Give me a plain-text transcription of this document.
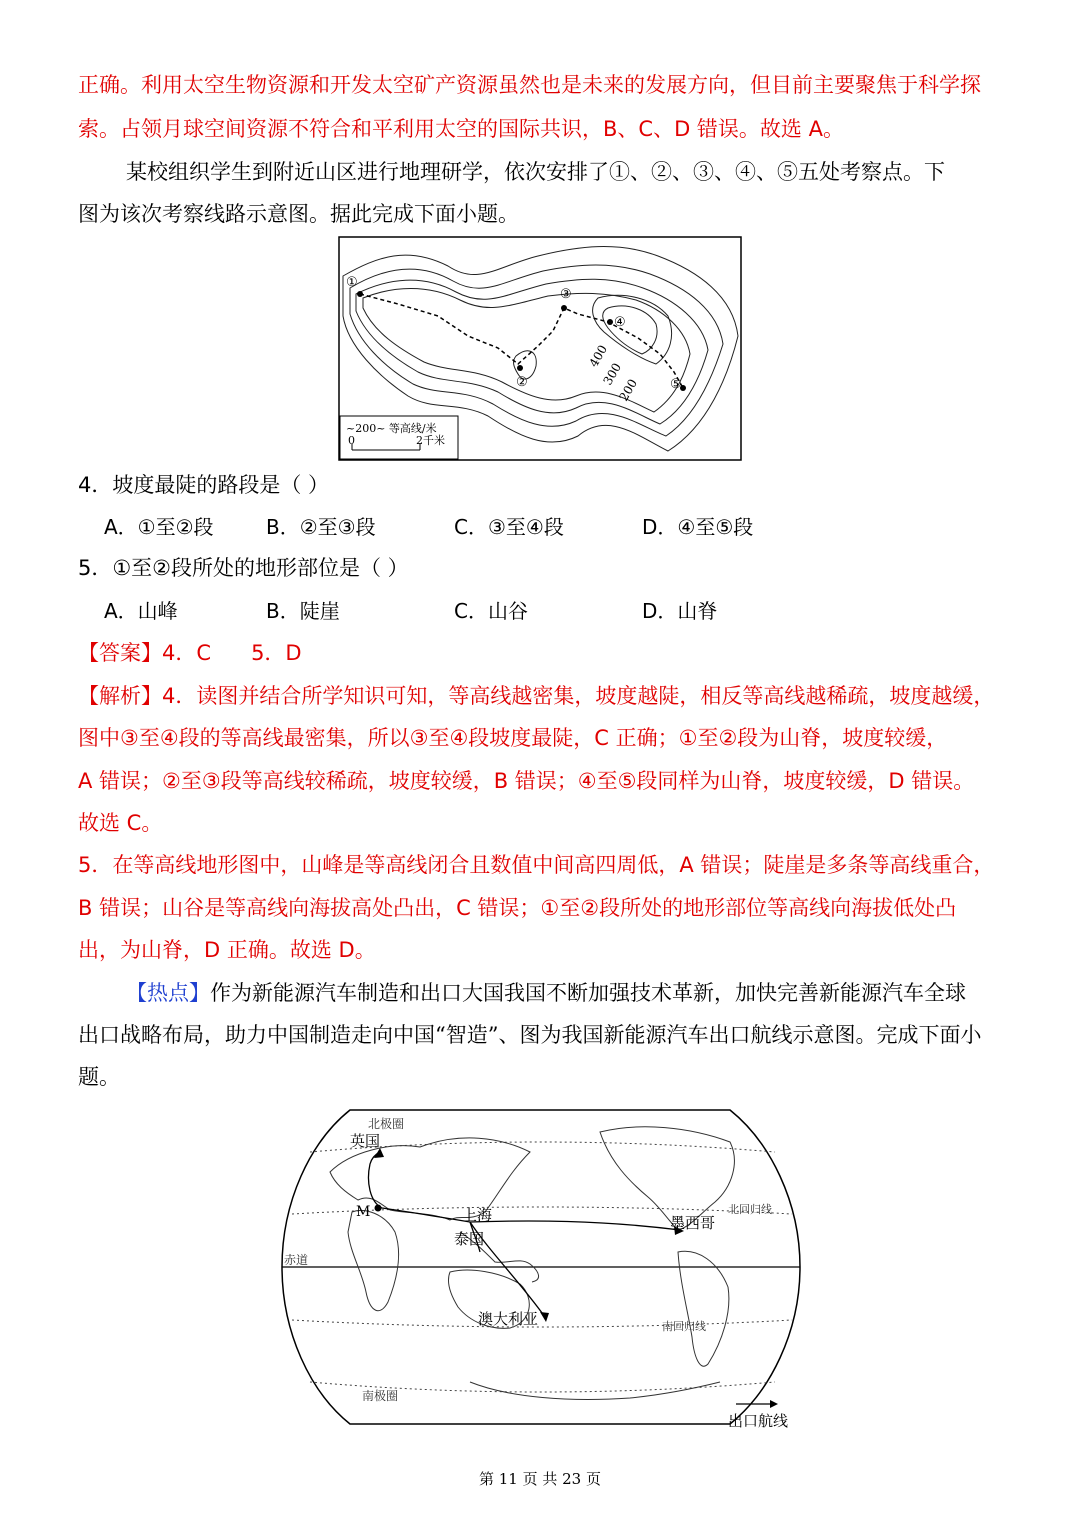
正确。利用太空生物资源和开发太空矿产资源虽然也是未来的发展方向，但目前主要聚焦于科学探
索。占领月球空间资源不符合和平利用太空的国际共识，B、C、D 错误。故选 A。
某校组织学生到附近山区进行地理研学，依次安排了①、②、③、④、⑤五处考察点。下
图为该次考察线路示意图。据此完成下面小题。
①
②
③
④
⑤
400
300
200
~200~ 等高线/米
0	2千米
4．坡度最陡的路段是（ ）
A．①至②段	B．②至③段	C．③至④段	D．④至⑤段
5．①至②段所处的地形部位是（ ）
A．山峰	B．陡崖	C．山谷	D．山脊
【答案】4．C      5．D
【解析】4．读图并结合所学知识可知，等高线越密集，坡度越陡，相反等高线越稀疏，坡度越缓，
图中③至④段的等高线最密集，所以③至④段坡度最陡，C 正确；①至②段为山脊，坡度较缓，
A 错误；②至③段等高线较稀疏，坡度较缓，B 错误；④至⑤段同样为山脊，坡度较缓，D 错误。
故选 C。
5．在等高线地形图中，山峰是等高线闭合且数值中间高四周低，A 错误；陡崖是多条等高线重合，
B 错误；山谷是等高线向海拔高处凸出，C 错误；①至②段所处的地形部位等高线向海拔低处凸
出，为山脊，D 正确。故选 D。
【热点】作为新能源汽车制造和出口大国我国不断加强技术革新，加快完善新能源汽车全球
出口战略布局，助力中国制造走向中国“智造”、图为我国新能源汽车出口航线示意图。完成下面小
题。
北极圈
英国
M	上海
泰国
墨西哥
北回归线
赤道
澳大利亚	南回归线
南极圈
出口航线
第 11 页 共 23 页
